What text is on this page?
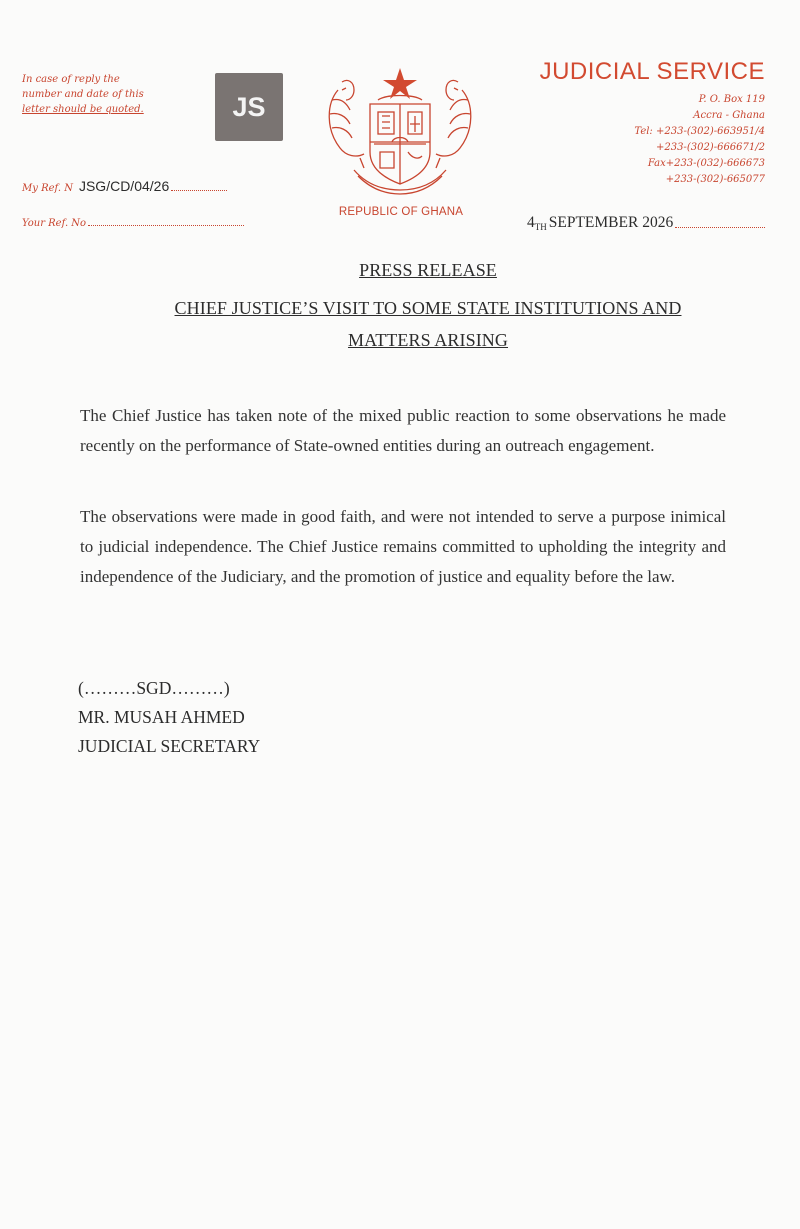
In case of reply the
number and date of this
letter should be quoted.	JS
My Ref. N JSG/CD/04/26
Your Ref. No
REPUBLIC OF GHANA
JUDICIAL SERVICE
P. O. Box 119
Accra - Ghana
Tel: +233-(302)-663951/4
+233-(302)-666671/2
Fax+233-(032)-666673
+233-(302)-665077
$4_{TH}$ SEPTEMBER 2026
PRESS RELEASE
CHIEF JUSTICE’S VISIT TO SOME STATE INSTITUTIONS AND
MATTERS ARISING

The Chief Justice has taken note of the mixed public reaction to some observations he made recently on the performance of State-owned entities during an outreach engagement.

The observations were made in good faith, and were not intended to serve a purpose inimical to judicial independence. The Chief Justice remains committed to upholding the integrity and independence of the Judiciary, and the promotion of justice and equality before the law.

(………SGD………)
MR. MUSAH AHMED
JUDICIAL SECRETARY
